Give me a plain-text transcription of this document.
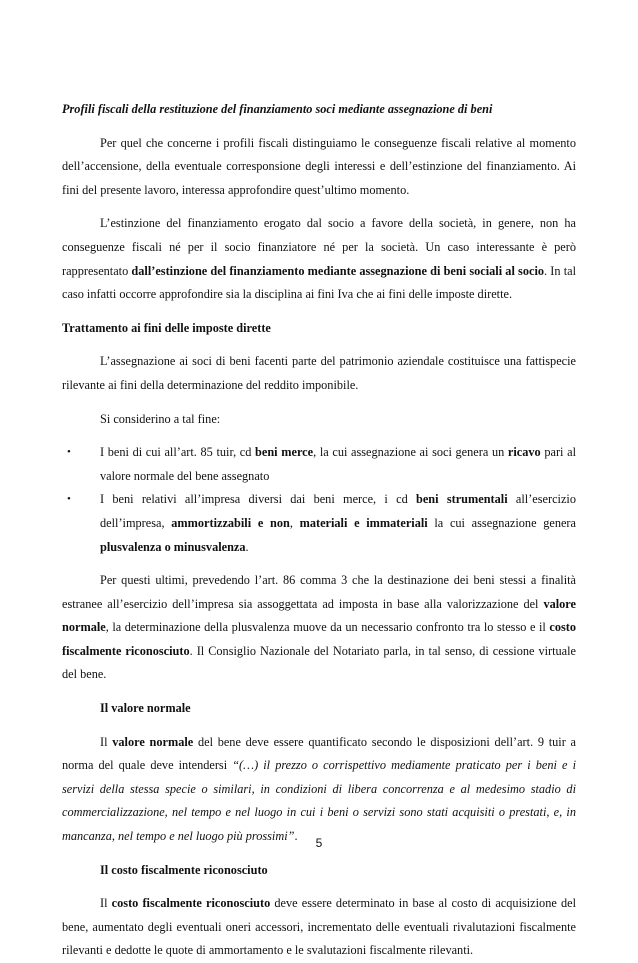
Profili fiscali della restituzione del finanziamento soci mediante assegnazione di beni

Per quel che concerne i profili fiscali distinguiamo le conseguenze fiscali relative al momento dell’accensione, della eventuale corresponsione degli interessi e dell’estinzione del finanziamento. Ai fini del presente lavoro, interessa approfondire quest’ultimo momento.

L’estinzione del finanziamento erogato dal socio a favore della società, in genere, non ha conseguenze fiscali né per il socio finanziatore né per la società. Un caso interessante è però rappresentato dall’estinzione del finanziamento mediante assegnazione di beni sociali al socio. In tal caso infatti occorre approfondire sia la disciplina ai fini Iva che ai fini delle imposte dirette.

Trattamento ai fini delle imposte dirette

L’assegnazione ai soci di beni facenti parte del patrimonio aziendale costituisce una fattispecie rilevante ai fini della determinazione del reddito imponibile.

Si considerino a tal fine:

• I beni di cui all’art. 85 tuir, cd beni merce, la cui assegnazione ai soci genera un ricavo pari al valore normale del bene assegnato
• I beni relativi all’impresa diversi dai beni merce, i cd beni strumentali all’esercizio dell’impresa, ammortizzabili e non, materiali e immateriali la cui assegnazione genera plusvalenza o minusvalenza.

Per questi ultimi, prevedendo l’art. 86 comma 3 che la destinazione dei beni stessi a finalità estranee all’esercizio dell’impresa sia assoggettata ad imposta in base alla valorizzazione del valore normale, la determinazione della plusvalenza muove da un necessario confronto tra lo stesso e il costo fiscalmente riconosciuto. Il Consiglio Nazionale del Notariato parla, in tal senso, di cessione virtuale del bene.

Il valore normale

Il valore normale del bene deve essere quantificato secondo le disposizioni dell’art. 9 tuir a norma del quale deve intendersi “(…) il prezzo o corrispettivo mediamente praticato per i beni e i servizi della stessa specie o similari, in condizioni di libera concorrenza e al medesimo stadio di commercializzazione, nel tempo e nel luogo in cui i beni o servizi sono stati acquisiti o prestati, e, in mancanza, nel tempo e nel luogo più prossimi”.

Il costo fiscalmente riconosciuto

Il costo fiscalmente riconosciuto deve essere determinato in base al costo di acquisizione del bene, aumentato degli eventuali oneri accessori, incrementato delle eventuali rivalutazioni fiscalmente rilevanti e dedotte le quote di ammortamento e le svalutazioni fiscalmente rilevanti.

5
